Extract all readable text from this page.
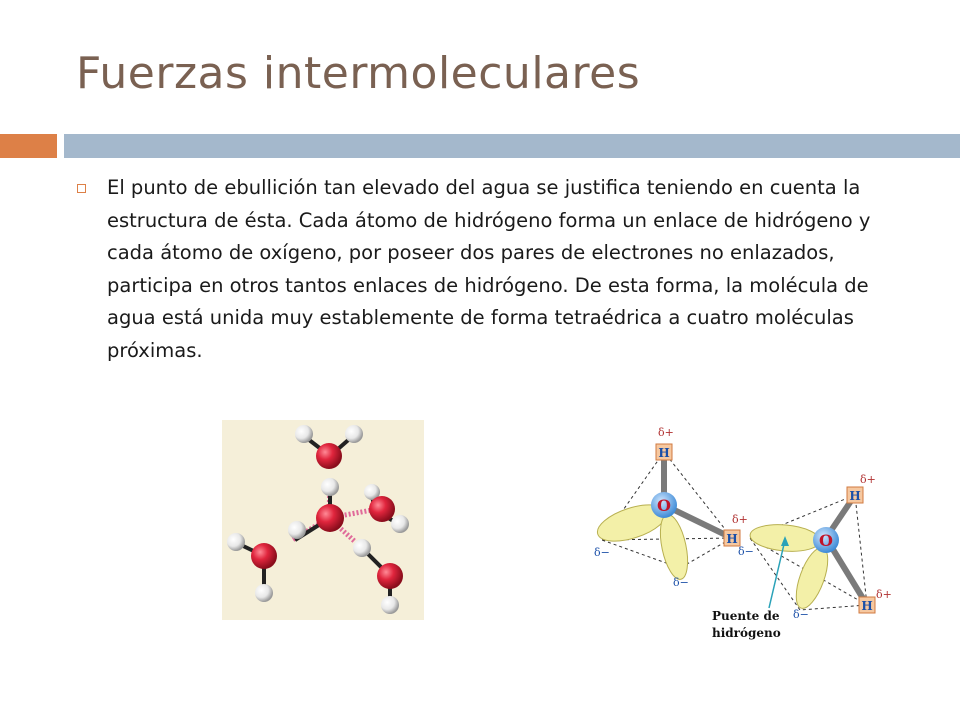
Fuerzas intermoleculares
El punto de ebullición tan elevado del agua se justifica teniendo en cuenta la estructura de ésta. Cada átomo de hidrógeno forma un enlace de hidrógeno y cada átomo de oxígeno, por poseer dos pares de electrones no enlazados, participa en otros tantos enlaces de hidrógeno. De esta forma, la molécula de agua está unida muy establemente de forma tetraédrica a cuatro moléculas próximas.
H
H
H
H
O
O
δ+
δ+
δ+
δ+
δ−
δ−
δ−
δ−
Puente de
hidrógeno
